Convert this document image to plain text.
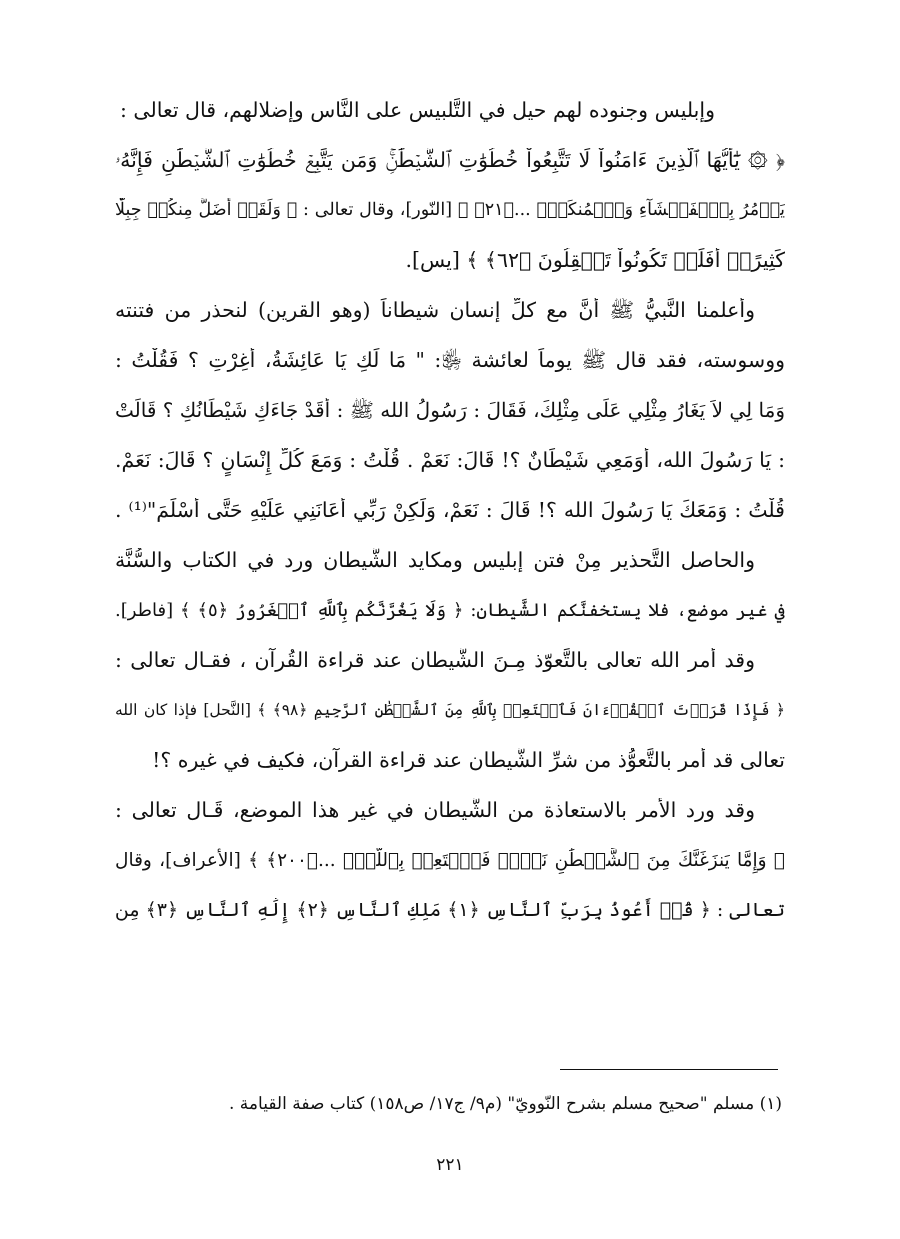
وإبليس وجنوده لهم حيل في التَّلبيس على النَّاس وإضلالهم، قال تعالى :
﴿ ۞ يَٰٓأَيُّهَا ٱلَّذِينَ ءَامَنُواْ لَا تَتَّبِعُواْ خُطُوَٰتِ ٱلشَّيۡطَٰنِۚ وَمَن يَتَّبِعۡ خُطُوَٰتِ ٱلشَّيۡطَٰنِ فَإِنَّهُۥ
يَأۡمُرُ بِٱلۡفَحۡشَآءِ وَٱلۡمُنكَرِۚ ...﴿٢١﴾ ﴾ [النّور]، وقال تعالى : ﴿ وَلَقَدۡ أَضَلَّ مِنكُمۡ جِبِلّٗا
كَثِيرًاۖ أَفَلَمۡ تَكُونُواْ تَعۡقِلُونَ ﴿٦٢﴾ ﴾ [يس].
وأعلمنا النَّبيُّ ﷺ أنَّ مع كلِّ إنسان شيطاناً (وهو القرين) لنحذر من فتنته
ووسوسته، فقد قال ﷺ يوماً لعائشة ﵂: " مَا لَكِ يَا عَائِشَةُ، أَغِرْتِ ؟ فَقُلْتُ :
وَمَا لِي لاَ يَغَارُ مِثْلِي عَلَى مِثْلِكَ، فَقَالَ : رَسُولُ الله ﷺ : أَقَدْ جَاءَكِ شَيْطَانُكِ ؟ قَالَتْ
: يَا رَسُولَ الله، أَوَمَعِي شَيْطَانٌ ؟! قَالَ: نَعَمْ . قُلْتُ : وَمَعَ كُلِّ إِنْسَانٍ ؟ قَالَ: نَعَمْ.
قُلْتُ : وَمَعَكَ يَا رَسُولَ الله ؟! قَالَ : نَعَمْ، وَلَكِنْ رَبِّي أَعَانَنِي عَلَيْهِ حَتَّى أَسْلَمَ"⁽¹⁾ .
والحاصل التَّحذير مِنْ فتن إبليس ومكايد الشَّيطان ورد في الكتاب والسُّنَّة
في غير موضع، فلا يستخفنَّكم الشَّيطان: ﴿ وَلَا يَغُرَّنَّكُم بِٱللَّهِ ٱلۡغَرُورُ ﴿٥﴾ ﴾ [فاطر].
وقد أمر الله تعالى بالتَّعوّذ مِـنَ الشَّيطان عند قراءة القُرآن ، فقـال تعالى :
﴿ فَإِذَا قَرَأۡتَ ٱلۡقُرۡءَانَ فَٱسۡتَعِذۡ بِٱللَّهِ مِنَ ٱلشَّيۡطَٰنِ ٱلرَّجِيمِ ﴿٩٨﴾ ﴾ [النَّحل] فإذا كان الله
تعالى قد أمر بالتَّعوُّذ من شرِّ الشَّيطان عند قراءة القرآن، فكيف في غيره ؟!
وقد ورد الأمر بالاستعاذة من الشَّيطان في غير هذا الموضع، قَـال تعالى :
﴿ وَإِمَّا يَنزَغَنَّكَ مِنَ ٱلشَّيۡطَٰنِ نَزۡغٞ فَٱسۡتَعِذۡ بِٱللَّهِۚ ...﴿٢٠٠﴾ ﴾ [الأعراف]، وقال
تعالى : ﴿ قُلۡ أَعُوذُ بِرَبِّ ٱلنَّاسِ ﴿١﴾ مَلِكِ ٱلنَّاسِ ﴿٢﴾ إِلَٰهِ ٱلنَّاسِ ﴿٣﴾ مِن
(١) مسلم "صحيح مسلم بشرح النّوويّ" (م٩/ ج١٧/ ص١٥٨) كتاب صفة القيامة .
٢٢١
